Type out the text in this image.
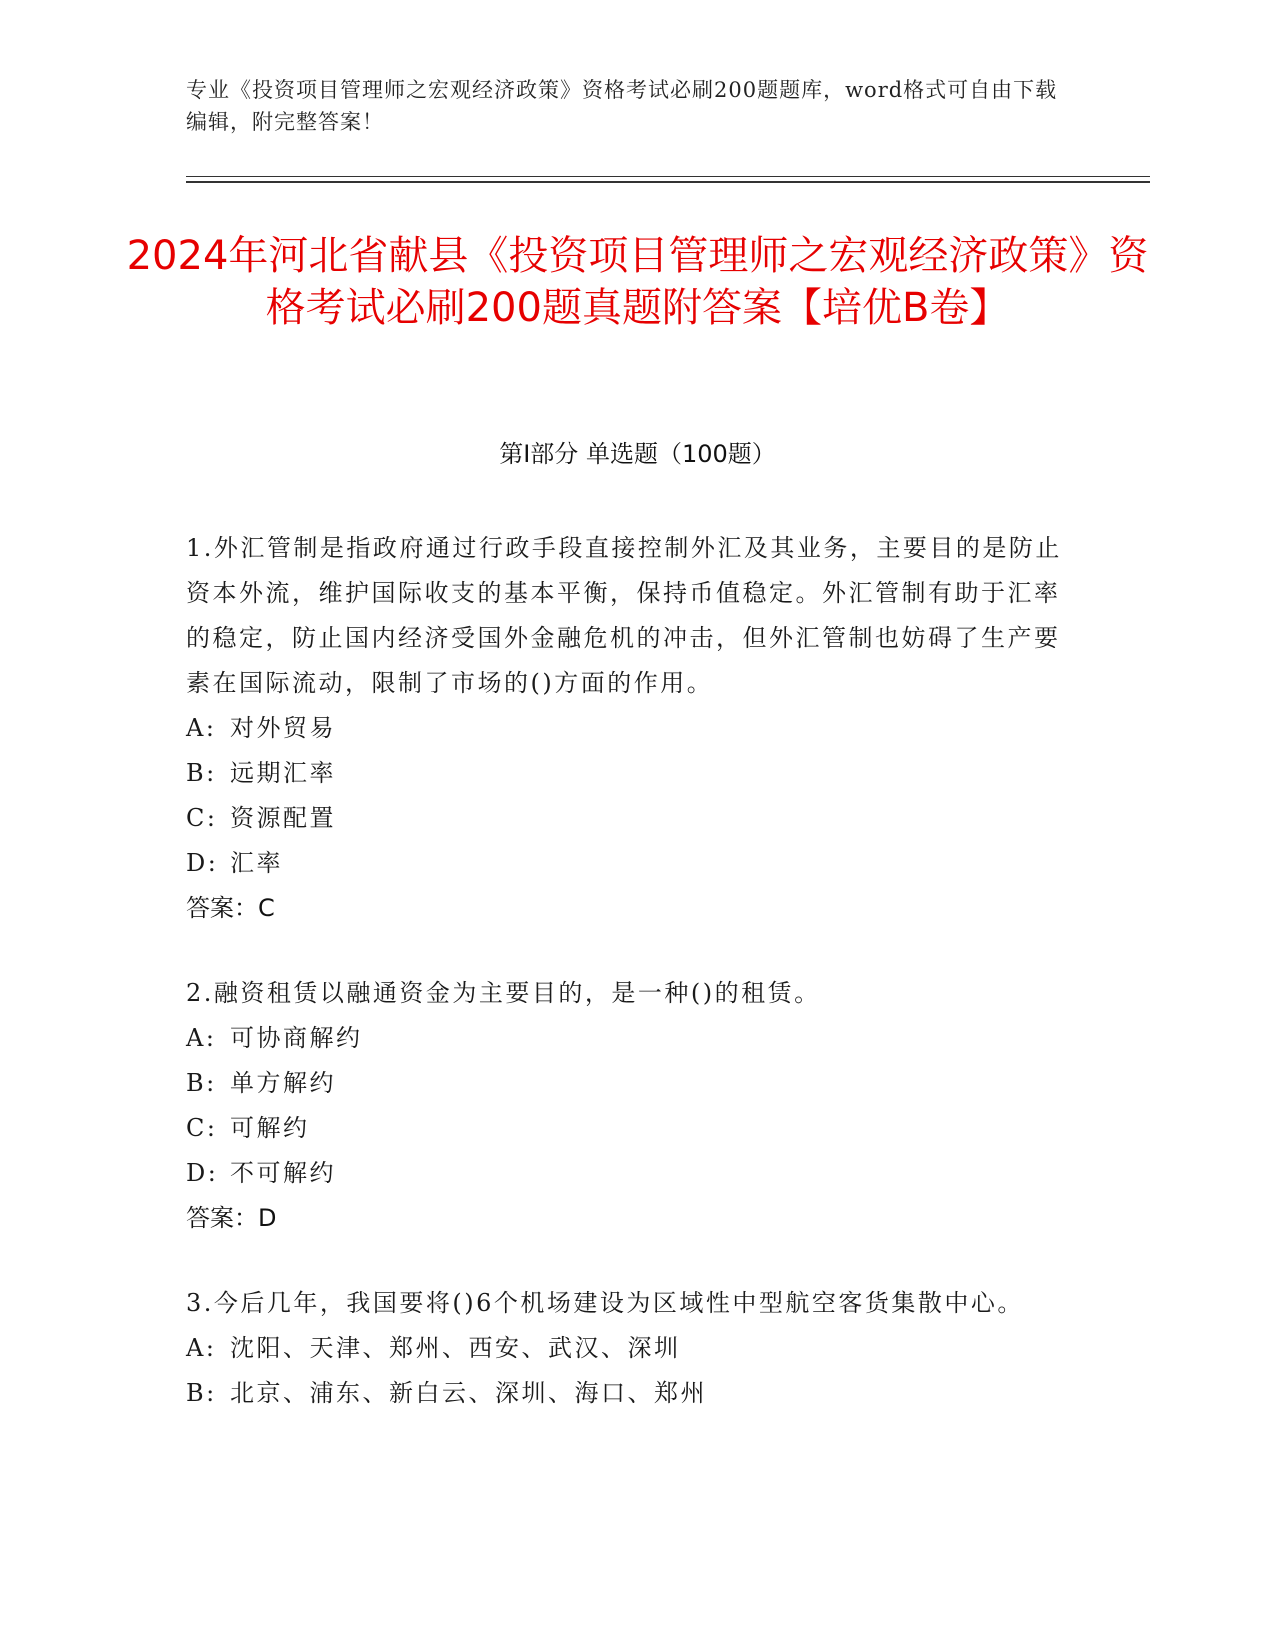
专业《投资项目管理师之宏观经济政策》资格考试必刷200题题库，word格式可自由下载编辑，附完整答案！
2024年河北省献县《投资项目管理师之宏观经济政策》资格考试必刷200题真题附答案【培优B卷】
第Ⅰ部分 单选题（100题）
1.外汇管制是指政府通过行政手段直接控制外汇及其业务，主要目的是防止资本外流，维护国际收支的基本平衡，保持币值稳定。外汇管制有助于汇率的稳定，防止国内经济受国外金融危机的冲击，但外汇管制也妨碍了生产要素在国际流动，限制了市场的()方面的作用。
A: 对外贸易
B: 远期汇率
C: 资源配置
D: 汇率
答案：C
2.融资租赁以融通资金为主要目的，是一种()的租赁。
A: 可协商解约
B: 单方解约
C: 可解约
D: 不可解约
答案：D
3.今后几年，我国要将()6个机场建设为区域性中型航空客货集散中心。
A: 沈阳、天津、郑州、西安、武汉、深圳
B: 北京、浦东、新白云、深圳、海口、郑州
